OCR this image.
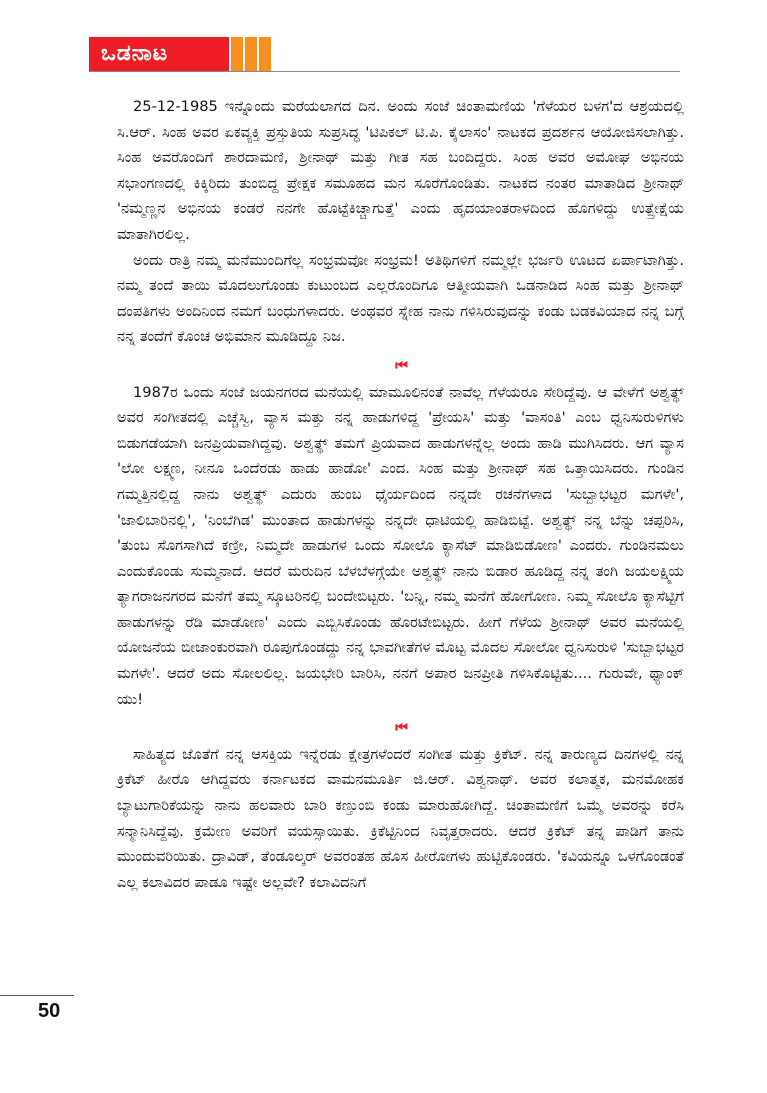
ಒಡನಾಟ

25-12-1985 ಇನ್ನೊಂದು ಮರೆಯಲಾಗದ ದಿನ. ಅಂದು ಸಂಜೆ ಚಿಂತಾಮಣಿಯ 'ಗೆಳೆಯರ ಬಳಗ'ದ ಆಶ್ರಯದಲ್ಲಿ ಸಿ.ಆರ್. ಸಿಂಹ ಅವರ ಏಕವ್ಯಕ್ತಿ ಪ್ರಸ್ತುತಿಯ ಸುಪ್ರಸಿದ್ಧ 'ಟಿಪಿಕಲ್ ಟಿ.ಪಿ. ಕೈಲಾಸಂ' ನಾಟಕದ ಪ್ರದರ್ಶನ ಆಯೋಜಿಸಲಾಗಿತ್ತು. ಸಿಂಹ ಅವರೊಂದಿಗೆ ಶಾರದಾಮಣಿ, ಶ್ರೀನಾಥ್ ಮತ್ತು ಗೀತ ಸಹ ಬಂದಿದ್ದರು. ಸಿಂಹ ಅವರ ಅಮೋಘ ಅಭಿನಯ ಸಭಾಂಗಣದಲ್ಲಿ ಕಿಕ್ಕಿರಿದು ತುಂಬಿದ್ದ ಪ್ರೇಕ್ಷಕ ಸಮೂಹದ ಮನ ಸೂರೆಗೊಂಡಿತು. ನಾಟಕದ ನಂತರ ಮಾತಾಡಿದ ಶ್ರೀನಾಥ್ 'ನಮ್ಮಣ್ಣನ ಅಭಿನಯ ಕಂಡರೆ ನನಗೇ ಹೊಟ್ಟೆಕಿಚ್ಚಾಗುತ್ತೆ' ಎಂದು ಹೃದಯಾಂತರಾಳದಿಂದ ಹೊಗಳಿದ್ದು ಉತ್ಪ್ರೇಕ್ಷೆಯ ಮಾತಾಗಿರಲಿಲ್ಲ.

ಅಂದು ರಾತ್ರಿ ನಮ್ಮ ಮನೆಮುಂದಿಗೆಲ್ಲ ಸಂಭ್ರಮವೋ ಸಂಭ್ರಮ! ಅತಿಥಿಗಳಿಗೆ ನಮ್ಮಲ್ಲೇ ಭರ್ಜರಿ ಊಟದ ಏರ್ಪಾಟಾಗಿತ್ತು. ನಮ್ಮ ತಂದೆ ತಾಯಿ ಮೊದಲುಗೊಂಡು ಕುಟುಂಬದ ಎಲ್ಲರೊಂದಿಗೂ ಆತ್ಮೀಯವಾಗಿ ಒಡನಾಡಿದ ಸಿಂಹ ಮತ್ತು ಶ್ರೀನಾಥ್ ದಂಪತಿಗಳು ಅಂದಿನಿಂದ ನಮಗೆ ಬಂಧುಗಳಾದರು. ಅಂಥವರ ಸ್ನೇಹ ನಾನು ಗಳಿಸಿರುವುದನ್ನು ಕಂಡು ಬಡಕವಿಯಾದ ನನ್ನ ಬಗ್ಗೆ ನನ್ನ ತಂದೆಗೆ ಕೊಂಚ ಅಭಿಮಾನ ಮೂಡಿದ್ದೂ ನಿಜ.

⏮

1987ರ ಒಂದು ಸಂಜೆ ಜಯನಗರದ ಮನೆಯಲ್ಲಿ ಮಾಮೂಲಿನಂತೆ ನಾವೆಲ್ಲ ಗೆಳೆಯರೂ ಸೇರಿದ್ದೆವು. ಆ ವೇಳೆಗೆ ಅಶ್ವತ್ಥ್ ಅವರ ಸಂಗೀತದಲ್ಲಿ ಎಚ್ಚೆಸ್ವಿ, ವ್ಯಾಸ ಮತ್ತು ನನ್ನ ಹಾಡುಗಳಿದ್ದ 'ಪ್ರೇಯಸಿ' ಮತ್ತು 'ವಾಸಂತಿ' ಎಂಬ ಧ್ವನಿಸುರುಳಿಗಳು ಬಿಡುಗಡೆಯಾಗಿ ಜನಪ್ರಿಯವಾಗಿದ್ದವು. ಅಶ್ವತ್ಥ್ ತಮಗೆ ಪ್ರಿಯವಾದ ಹಾಡುಗಳನ್ನೆಲ್ಲ ಅಂದು ಹಾಡಿ ಮುಗಿಸಿದರು. ಆಗ ವ್ಯಾಸ 'ಲೋ ಲಕ್ಷ್ಮಣ, ನೀನೂ ಒಂದೆರಡು ಹಾಡು ಹಾಡೋ' ಎಂದ. ಸಿಂಹ ಮತ್ತು ಶ್ರೀನಾಥ್ ಸಹ ಒತ್ತಾಯಿಸಿದರು. ಗುಂಡಿನ ಗಮ್ಮತ್ತಿನಲ್ಲಿದ್ದ ನಾನು ಅಶ್ವತ್ಥ್ ಎದುರು ಹುಂಬ ಧೈರ್ಯದಿಂದ ನನ್ನದೇ ರಚನೆಗಳಾದ 'ಸುಬ್ಬಾಭಟ್ಟರ ಮಗಳೇ', 'ಜಾಲಿಬಾರಿನಲ್ಲಿ', 'ನಿಂಬೆಗಿಡ' ಮುಂತಾದ ಹಾಡುಗಳನ್ನು ನನ್ನದೇ ಧಾಟಿಯಲ್ಲಿ ಹಾಡಿಬಿಟ್ಟೆ. ಅಶ್ವತ್ಥ್ ನನ್ನ ಬೆನ್ನು ಚಪ್ಪರಿಸಿ, 'ತುಂಬ ಸೊಗಸಾಗಿದೆ ಕಣ್ರೀ, ನಿಮ್ಮದೇ ಹಾಡುಗಳ ಒಂದು ಸೋಲೊ ಕ್ಯಾಸೆಟ್ ಮಾಡಿಬಿಡೋಣ' ಎಂದರು. ಗುಂಡಿನಮಲು ಎಂದುಕೊಂಡು ಸುಮ್ಮನಾದೆ. ಆದರೆ ಮರುದಿನ ಬೆಳಬೆಳಗ್ಗೆಯೇ ಅಶ್ವತ್ಥ್ ನಾನು ಬಿಡಾರ ಹೂಡಿದ್ದ ನನ್ನ ತಂಗಿ ಜಯಲಕ್ಷ್ಮಿಯ ತ್ಯಾಗರಾಜನಗರದ ಮನೆಗೆ ತಮ್ಮ ಸ್ಕೂಟರಿನಲ್ಲಿ ಬಂದೇಬಿಟ್ಟರು. 'ಬನ್ನಿ, ನಮ್ಮ ಮನೆಗೆ ಹೋಗೋಣ. ನಿಮ್ಮ ಸೋಲೊ ಕ್ಯಾಸೆಟ್ಟಿಗೆ ಹಾಡುಗಳನ್ನು ರೆಡಿ ಮಾಡೋಣ' ಎಂದು ಎಬ್ಬಿಸಿಕೊಂಡು ಹೊರಟೇಬಿಟ್ಟರು. ಹೀಗೆ ಗೆಳೆಯ ಶ್ರೀನಾಥ್ ಅವರ ಮನೆಯಲ್ಲಿ ಯೋಜನೆಯ ಬೀಜಾಂಕುರವಾಗಿ ರೂಪುಗೊಂಡದ್ದು ನನ್ನ ಭಾವಗೀತೆಗಳ ಮೊಟ್ಟ ಮೊದಲ ಸೋಲೋ ಧ್ವನಿಸುರುಳಿ 'ಸುಬ್ಬಾಭಟ್ಟರ ಮಗಳೇ'. ಆದರೆ ಅದು ಸೋಲಲಿಲ್ಲ. ಜಯಭೇರಿ ಬಾರಿಸಿ, ನನಗೆ ಅಪಾರ ಜನಪ್ರೀತಿ ಗಳಿಸಿಕೊಟ್ಟಿತು.... ಗುರುವೇ, ಥ್ಯಾಂಕ್ ಯು!

⏮

ಸಾಹಿತ್ಯದ ಜೊತೆಗೆ ನನ್ನ ಆಸಕ್ತಿಯ ಇನ್ನೆರಡು ಕ್ಷೇತ್ರಗಳೆಂದರೆ ಸಂಗೀತ ಮತ್ತು ಕ್ರಿಕೆಟ್. ನನ್ನ ತಾರುಣ್ಯದ ದಿನಗಳಲ್ಲಿ ನನ್ನ ಕ್ರಿಕೆಟ್ ಹೀರೊ ಆಗಿದ್ದವರು ಕರ್ನಾಟಕದ ವಾಮನಮೂರ್ತಿ ಜಿ.ಆರ್. ವಿಶ್ವನಾಥ್. ಅವರ ಕಲಾತ್ಮಕ, ಮನಮೋಹಕ ಬ್ಯಾಟುಗಾರಿಕೆಯನ್ನು ನಾನು ಹಲವಾರು ಬಾರಿ ಕಣ್ತುಂಬಿ ಕಂಡು ಮಾರುಹೋಗಿದ್ದೆ. ಚಿಂತಾಮಣಿಗೆ ಒಮ್ಮೆ ಅವರನ್ನು ಕರೆಸಿ ಸನ್ಮಾನಿಸಿದ್ದೆವು. ಕ್ರಮೇಣ ಅವರಿಗೆ ವಯಸ್ಸಾಯಿತು. ಕ್ರಿಕೆಟ್ಟಿನಿಂದ ನಿವೃತ್ತರಾದರು. ಆದರೆ ಕ್ರಿಕೆಟ್ ತನ್ನ ಪಾಡಿಗೆ ತಾನು ಮುಂದುವರಿಯಿತು. ದ್ರಾವಿಡ್, ತೆಂಡೂಲ್ಕರ್ ಅವರಂತಹ ಹೊಸ ಹೀರೋಗಳು ಹುಟ್ಟಿಕೊಂಡರು. 'ಕವಿಯನ್ನೂ ಒಳಗೊಂಡಂತೆ ಎಲ್ಲ ಕಲಾವಿದರ ಪಾಡೂ ಇಷ್ಟೇ ಅಲ್ಲವೇ? ಕಲಾವಿದನಿಗೆ

50
